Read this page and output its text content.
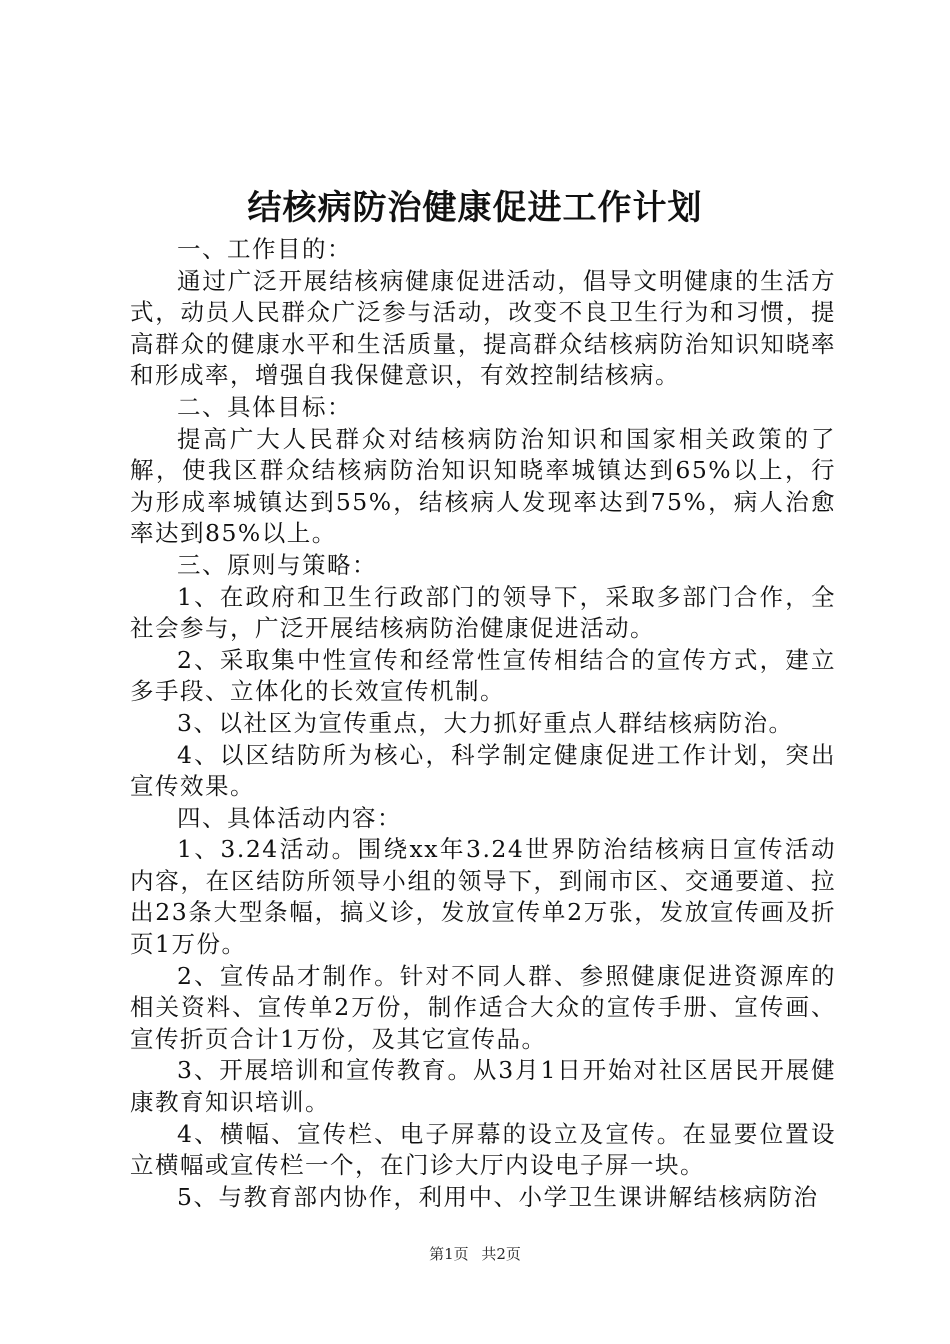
结核病防治健康促进工作计划

一、工作目的：

通过广泛开展结核病健康促进活动，倡导文明健康的生活方式，动员人民群众广泛参与活动，改变不良卫生行为和习惯，提高群众的健康水平和生活质量，提高群众结核病防治知识知晓率和形成率，增强自我保健意识，有效控制结核病。

二、具体目标：

提高广大人民群众对结核病防治知识和国家相关政策的了解，使我区群众结核病防治知识知晓率城镇达到65%以上，行为形成率城镇达到55%，结核病人发现率达到75%，病人治愈率达到85%以上。

三、原则与策略：

1、在政府和卫生行政部门的领导下，采取多部门合作，全社会参与，广泛开展结核病防治健康促进活动。

2、采取集中性宣传和经常性宣传相结合的宣传方式，建立多手段、立体化的长效宣传机制。

3、以社区为宣传重点，大力抓好重点人群结核病防治。

4、以区结防所为核心，科学制定健康促进工作计划，突出宣传效果。

四、具体活动内容：

1、3.24活动。围绕xx年3.24世界防治结核病日宣传活动内容，在区结防所领导小组的领导下，到闹市区、交通要道、拉出23条大型条幅，搞义诊，发放宣传单2万张，发放宣传画及折页1万份。

2、宣传品才制作。针对不同人群、参照健康促进资源库的相关资料、宣传单2万份，制作适合大众的宣传手册、宣传画、宣传折页合计1万份，及其它宣传品。

3、开展培训和宣传教育。从3月1日开始对社区居民开展健康教育知识培训。

4、横幅、宣传栏、电子屏幕的设立及宣传。在显要位置设立横幅或宣传栏一个，在门诊大厅内设电子屏一块。

5、与教育部内协作，利用中、小学卫生课讲解结核病防治

第1页 共2页
